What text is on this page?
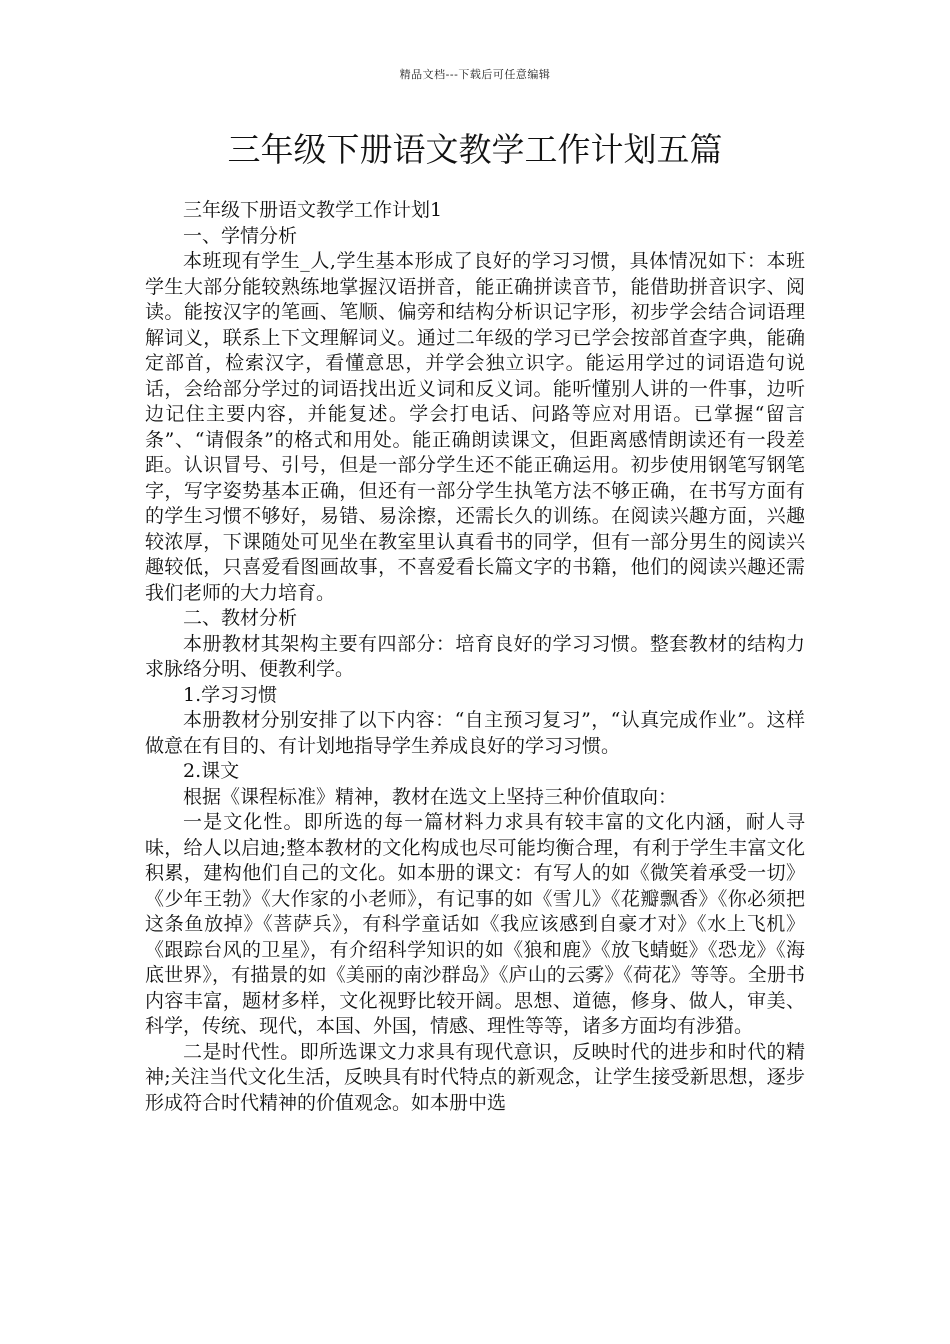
精品文档---下载后可任意编辑
三年级下册语文教学工作计划五篇

三年级下册语文教学工作计划1

一、学情分析

本班现有学生_人,学生基本形成了良好的学习习惯，具体情况如下：本班学生大部分能较熟练地掌握汉语拼音，能正确拼读音节，能借助拼音识字、阅读。能按汉字的笔画、笔顺、偏旁和结构分析识记字形，初步学会结合词语理解词义，联系上下文理解词义。通过二年级的学习已学会按部首查字典，能确定部首，检索汉字，看懂意思，并学会独立识字。能运用学过的词语造句说话，会给部分学过的词语找出近义词和反义词。能听懂别人讲的一件事，边听边记住主要内容，并能复述。学会打电话、问路等应对用语。已掌握“留言条”、“请假条”的格式和用处。能正确朗读课文，但距离感情朗读还有一段差距。认识冒号、引号，但是一部分学生还不能正确运用。初步使用钢笔写钢笔字，写字姿势基本正确，但还有一部分学生执笔方法不够正确，在书写方面有的学生习惯不够好，易错、易涂擦，还需长久的训练。在阅读兴趣方面，兴趣较浓厚，下课随处可见坐在教室里认真看书的同学，但有一部分男生的阅读兴趣较低，只喜爱看图画故事，不喜爱看长篇文字的书籍，他们的阅读兴趣还需我们老师的大力培育。

二、教材分析

本册教材其架构主要有四部分：培育良好的学习习惯。整套教材的结构力求脉络分明、便教利学。

1.学习习惯

本册教材分别安排了以下内容：“自主预习复习”，“认真完成作业”。这样做意在有目的、有计划地指导学生养成良好的学习习惯。

2.课文

根据《课程标准》精神，教材在选文上坚持三种价值取向：

一是文化性。即所选的每一篇材料力求具有较丰富的文化内涵，耐人寻味，给人以启迪;整本教材的文化构成也尽可能均衡合理，有利于学生丰富文化积累，建构他们自己的文化。如本册的课文：有写人的如《微笑着承受一切》《少年王勃》《大作家的小老师》，有记事的如《雪儿》《花瓣飘香》《你必须把这条鱼放掉》《菩萨兵》，有科学童话如《我应该感到自豪才对》《水上飞机》《跟踪台风的卫星》，有介绍科学知识的如《狼和鹿》《放飞蜻蜓》《恐龙》《海底世界》，有描景的如《美丽的南沙群岛》《庐山的云雾》《荷花》等等。全册书内容丰富，题材多样，文化视野比较开阔。思想、道德，修身、做人，审美、科学，传统、现代，本国、外国，情感、理性等等，诸多方面均有涉猎。

二是时代性。即所选课文力求具有现代意识，反映时代的进步和时代的精神;关注当代文化生活，反映具有时代特点的新观念，让学生接受新思想，逐步形成符合时代精神的价值观念。如本册中选
